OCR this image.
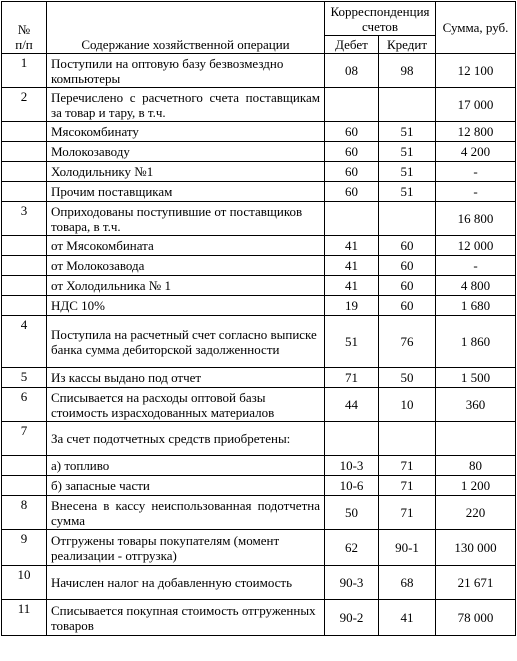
№
п/п	Содержание хозяйственной операции	Корреспонденция счетов		Сумма, руб.
		Дебет	Кредит	
1	Поступили на оптовую базу безвозмездно компьютеры	08	98	12 100
2	Перечислено с расчетного счета поставщикам за товар и тару, в т.ч.			17 000
	Мясокомбинату	60	51	12 800
	Молокозаводу	60	51	4 200
	Холодильнику №1	60	51	-
	Прочим поставщикам	60	51	-
3	Оприходованы поступившие от поставщиков товара, в т.ч.			16 800
	от Мясокомбината	41	60	12 000
	от Молокозавода	41	60	-
	от Холодильника № 1	41	60	4 800
	НДС 10%	19	60	1 680
4	Поступила на расчетный счет согласно выписке банка сумма дебиторской задолженности	51	76	1 860
5	Из кассы выдано под отчет	71	50	1 500
6	Списывается на расходы оптовой базы стоимость израсходованных материалов	44	10	360
7	За счет подотчетных средств приобретены:			
	а) топливо	10-3	71	80
	б) запасные части	10-6	71	1 200
8	Внесена в кассу неиспользованная подотчетна сумма	50	71	220
9	Отгружены товары покупателям (момент реализации - отгрузка)	62	90-1	130 000
10	Начислен налог на добавленную стоимость	90-3	68	21 671
11	Списывается покупная стоимость отгруженных товаров	90-2	41	78 000
